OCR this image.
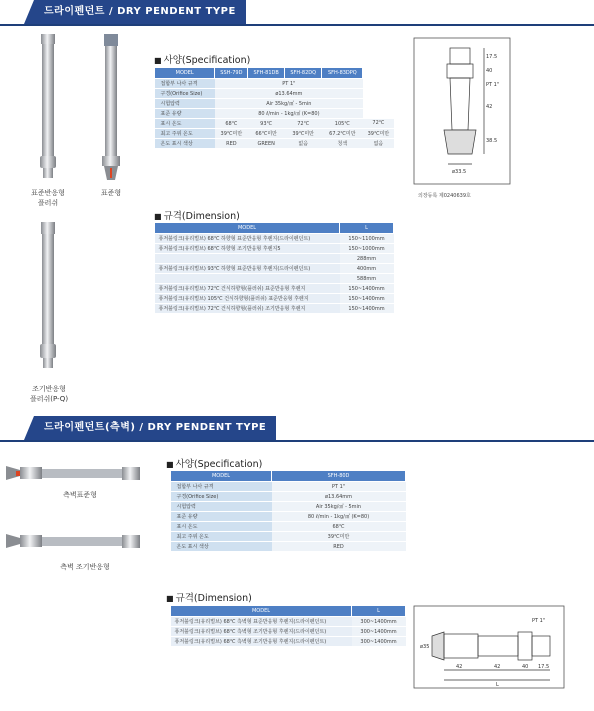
드라이펜던트 / DRY PENDENT TYPE
표준반응형
플러쉬
표준형
조기반응형
플러쉬(P-Q)
■ 사양(Specification)
MODEL	SSH-79D	SFH-81DB	SFH-82DQ	SFH-83DPQ	
접합부 나사 규격	PT 1"				
구경(Orifice Size)	ø13.64mm				
시험압력	Air 35kg/㎠ - 5min				
표준 유량	80 ℓ/min - 1kg/㎠ (K=80)				
표시 온도	68℃	93℃	72℃	105℃	72℃
최고 주위 온도	39℃미만	66℃미만	39℃미만	67.2℃미만	39℃미만
온도 표시 색상	RED	GREEN	없음	청색	없음
PT 1"
17.5
40
42
38.5
ø33.5
의장등록 제0240639호
■ 규격(Dimension)
MODEL	L
퓨저블링크(유리벌브) 68℃ 하향형 표준반응형 후렌지(드라이펜던트)	150~1100mm
퓨저블링크(유리벌브) 68℃ 하향형 조기반응형 후렌지5	150~1000mm
	288mm
퓨저블링크(유리벌브) 93℃ 하향형 표준반응형 후렌지(드라이펜던트)	400mm
	588mm
퓨저블링크(유리벌브) 72℃ 건식하향형(플러쉬) 표준반응형 후렌지	150~1400mm
퓨저블링크(유리벌브) 105℃ 건식하향형(플러쉬) 표준반응형 후렌지	150~1400mm
퓨저블링크(유리벌브) 72℃ 건식하향형(플러쉬) 조기반응형 후렌지	150~1400mm
드라이펜던트(측벽) / DRY PENDENT TYPE
측벽표준형
측벽 조기반응형
■ 사양(Specification)
MODEL	SFH-80D
접합부 나사 규격	PT 1"
구경(Orifice Size)	ø13.64mm
시험압력	Air 35kg/㎠ - 5min
표준 유량	80 ℓ/min - 1kg/㎠ (K=80)
표시 온도	68℃
최고 주위 온도	39℃미만
온도 표시 색상	RED
■ 규격(Dimension)
MODEL	L
퓨저블링크(유리벌브) 68℃ 측벽형 표준반응형 후렌지(드라이펜던트)	300~1400mm
퓨저블링크(유리벌브) 68℃ 측벽형 조기반응형 후렌지(드라이펜던트)	300~1400mm
퓨저블링크(유리벌브) 68℃ 측벽형 조기반응형 후렌지(드라이펜던트)	300~1400mm
PT 1"
ø35
42	42	40 17.5
L
